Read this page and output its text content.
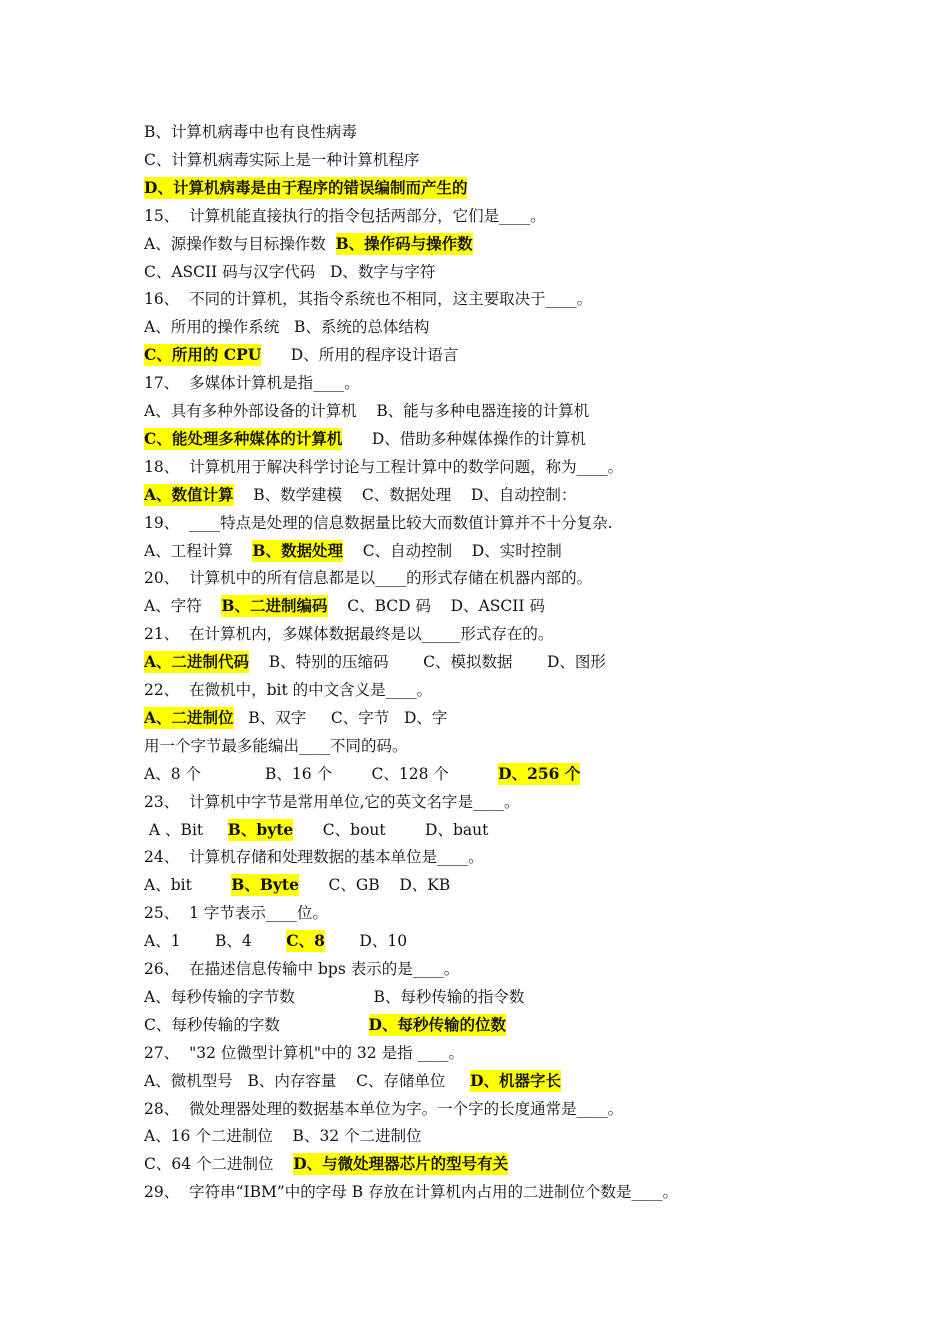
B、计算机病毒中也有良性病毒
C、计算机病毒实际上是一种计算机程序
D、计算机病毒是由于程序的错误编制而产生的
15、  计算机能直接执行的指令包括两部分，它们是____。
A、源操作数与目标操作数  B、操作码与操作数
C、ASCII 码与汉字代码   D、数字与字符
16、  不同的计算机，其指令系统也不相同，这主要取决于____。
A、所用的操作系统   B、系统的总体结构
C、所用的 CPU      D、所用的程序设计语言
17、  多媒体计算机是指____。
A、具有多种外部设备的计算机    B、能与多种电器连接的计算机
C、能处理多种媒体的计算机      D、借助多种媒体操作的计算机
18、  计算机用于解决科学讨论与工程计算中的数学问题，称为____。
A、数值计算    B、数学建模    C、数据处理    D、自动控制：
19、  ____特点是处理的信息数据量比较大而数值计算并不十分复杂.
A、工程计算    B、数据处理    C、自动控制    D、实时控制
20、  计算机中的所有信息都是以____的形式存储在机器内部的。
A、字符    B、二进制编码    C、BCD 码    D、ASCII 码
21、  在计算机内，多媒体数据最终是以_____形式存在的。
A、二进制代码    B、特别的压缩码       C、模拟数据       D、图形
22、  在微机中，bit 的中文含义是____。
A、二进制位   B、双字     C、字节   D、字
用一个字节最多能编出____不同的码。
A、8 个             B、16 个        C、128 个          D、256 个
23、  计算机中字节是常用单位,它的英文名字是____。
A 、Bit     B、byte      C、bout        D、baut
24、  计算机存储和处理数据的基本单位是____。
A、bit        B、Byte      C、GB    D、KB
25、  1 字节表示____位。
A、1       B、4       C、8       D、10
26、  在描述信息传输中 bps 表示的是____。
A、每秒传输的字节数                B、每秒传输的指令数
C、每秒传输的字数                  D、每秒传输的位数
27、  "32 位微型计算机"中的 32 是指 ____。
A、微机型号   B、内存容量    C、存储单位     D、机器字长
28、  微处理器处理的数据基本单位为字。一个字的长度通常是____。
A、16 个二进制位    B、32 个二进制位
C、64 个二进制位    D、与微处理器芯片的型号有关
29、  字符串“IBM”中的字母 B 存放在计算机内占用的二进制位个数是____。
